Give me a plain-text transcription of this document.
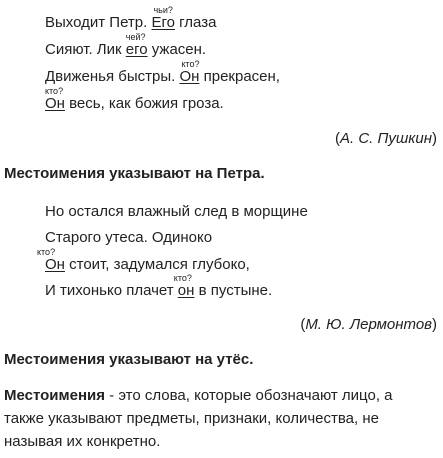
Выходит Петр. Его
чьи?
глаза
Сияют. Лик его
чей?
ужасен.
Движенья быстры. Он
кто?
прекрасен,
Он
кто?
весь, как божия гроза.
(А. С. Пушкин)
Местоимения указывают на Петра.
Но остался влажный след в морщине
Старого утеса. Одиноко
Он
кто?
стоит, задумался глубоко,
И тихонько плачет он
кто?
в пустыне.
(М. Ю. Лермонтов)
Местоимения указывают на утёс.
Местоимения - это слова, которые обозначают лицо, а также указывают предметы, признаки, количества, не называя их конкретно.
